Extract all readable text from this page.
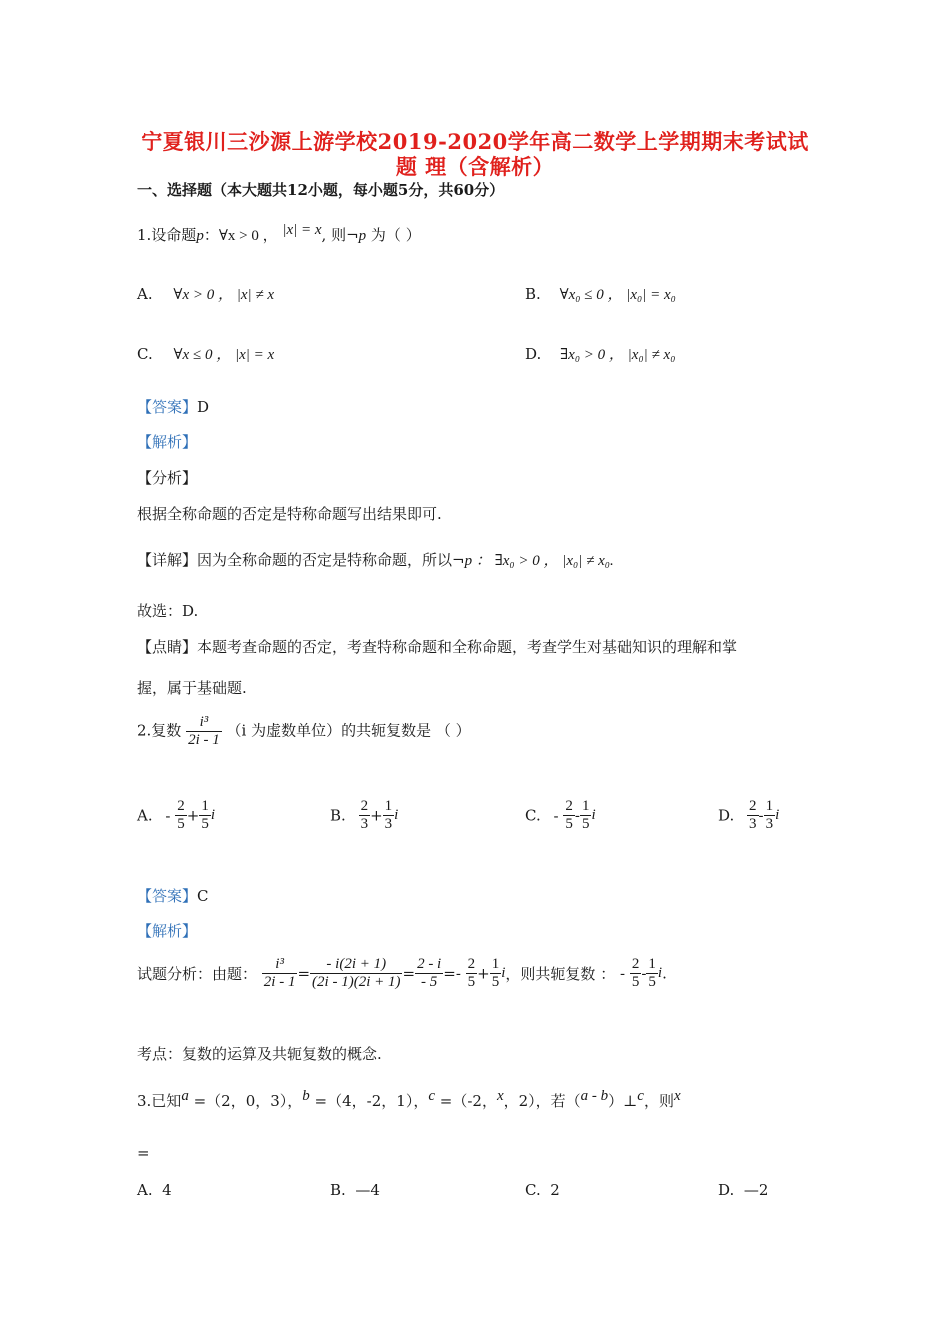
宁夏银川三沙源上游学校2019-2020学年高二数学上学期期末考试试
题 理（含解析）
一、选择题（本大题共12小题，每小题5分，共60分）
1.设命题p：∀x > 0 ， |x| = x, 则¬p 为（ ）
A. ∀x > 0 ， |x| ≠ x	B. ∀x₀ ≤ 0 ， |x₀| = x₀
C. ∀x ≤ 0 ， |x| = x	D. ∃x₀ > 0 ， |x₀| ≠ x₀
【答案】D
【解析】
【分析】
根据全称命题的否定是特称命题写出结果即可.
【详解】因为全称命题的否定是特称命题，所以¬p ： ∃x₀ > 0 ， |x₀| ≠ x₀.
故选：D.
【点睛】本题考查命题的否定，考查特称命题和全称命题，考查学生对基础知识的理解和掌
握，属于基础题.
2.复数 $\frac{\text{i³}}{2i - 1} (i$ 为虚数单位）的共轭复数是 （ ）
A. - $\frac{2}{5} + \frac{1}{5}$ i	B. $\frac{2}{3} + \frac{1}{3}$ i	C. - $\frac{2}{5} - \frac{1}{5}$ i	D. $\frac{2}{3} - \frac{1}{3}$ i
【答案】C
【解析】
试题分析：由题： $\frac{\text{i³}}{2i - 1} = \frac{- i(2i + 1)}{(2i - 1)(2i + 1)} = \frac{2 - i}{- 5} =- \frac{2}{5} + \frac{1}{5}$ i，则共轭复数 ： - $\frac{2}{5} - \frac{1}{5} i$.
考点：复数的运算及共轭复数的概念.
3.已知a =（2，0，3），b =（4，-2，1），c =（-2，x，2），若（a - b）⊥c，则x
=
A. 4	B. —4	C. 2	D. —2
